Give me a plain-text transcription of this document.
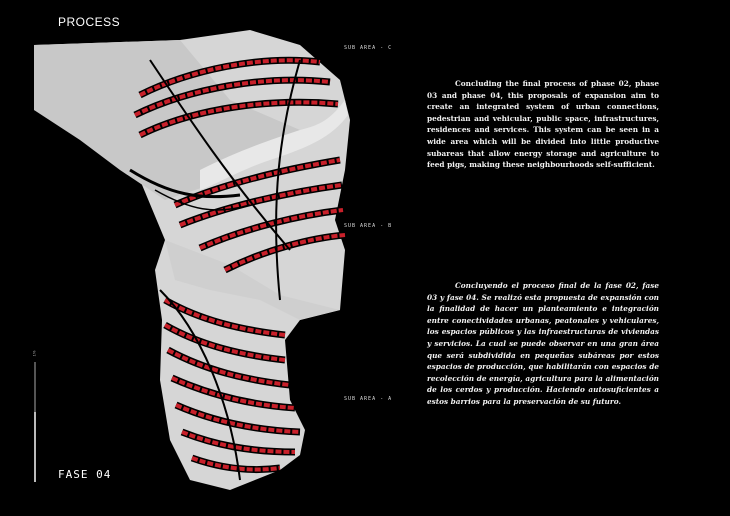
PROCESS
SUB AREA - C
SUB AREA - B
SUB AREA - A
Concluding the final process of phase 02, phase 03 and phase 04, this proposals of expansion aim to create an integrated system of urban connections, pedestrian and vehicular, public space, infrastructures, residences and services. This system can be seen in a wide area which will be divided into little productive subareas that allow energy storage and agriculture to feed pigs, making these neighbourhoods self-sufficient.
Concluyendo el proceso final de la fase 02, fase 03 y fase 04. Se realizó esta propuesta de expansión con la finalidad de hacer un planteamiento e integración entre conectividades urbanas, peatonales y vehiculares, los espacios públicos y las infraestructuras de viviendas y servicios. La cual se puede observar en una gran área que será subdividida en pequeñas subáreas por estos espacios de producción, que habilitarán con espacios de recolección de energía, agricultura para la alimentación de los cerdos y producción. Haciendo autosuficientes a estos barrios para la preservación de su futuro.
1%
FASE 04
